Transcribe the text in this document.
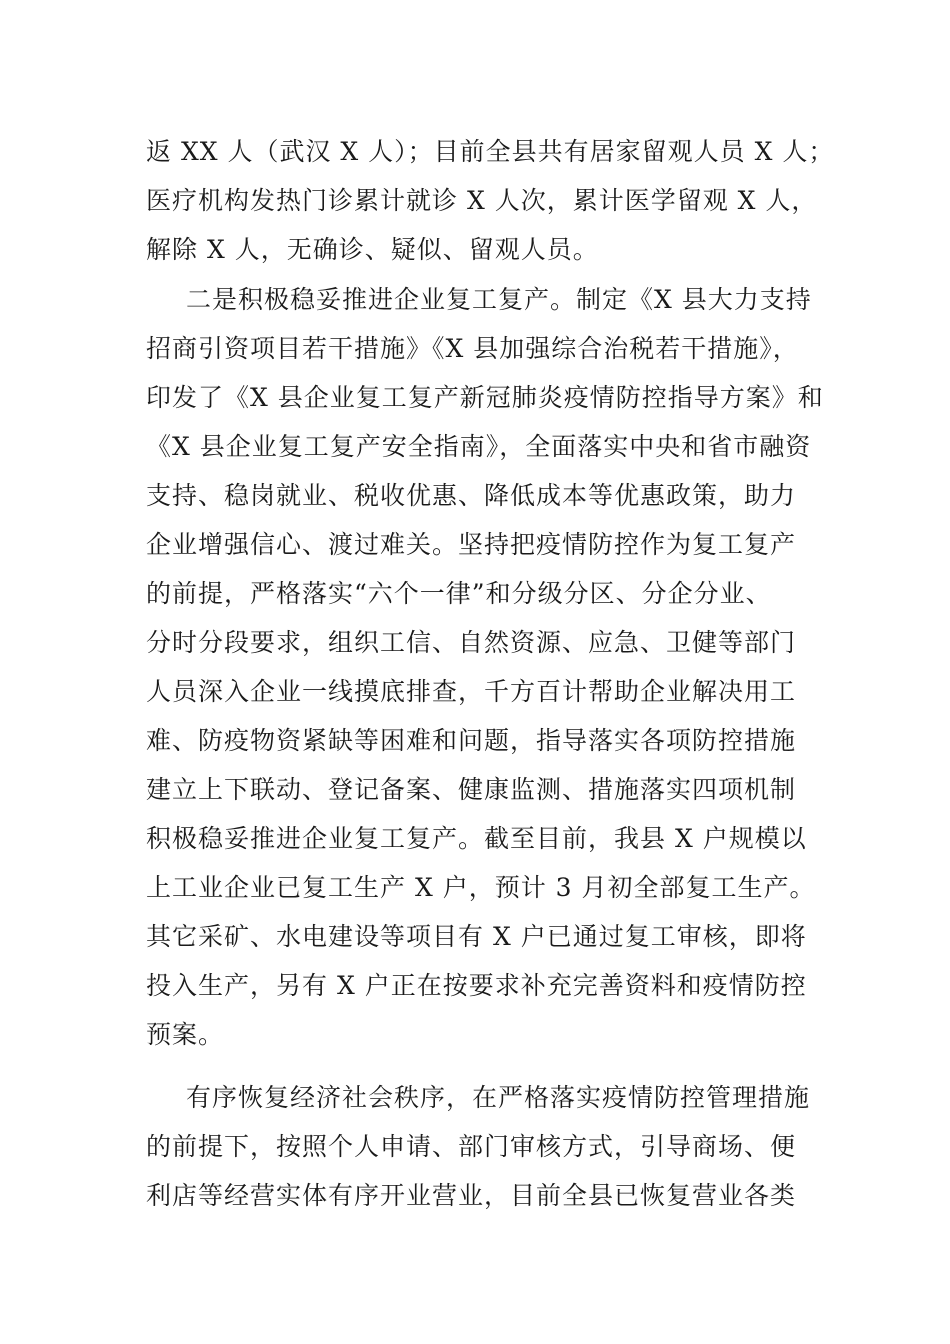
返 XX 人（武汉 X 人）；目前全县共有居家留观人员 X 人；
医疗机构发热门诊累计就诊 X 人次，累计医学留观 X 人，
解除 X 人，无确诊、疑似、留观人员。
二是积极稳妥推进企业复工复产。制定《X 县大力支持
招商引资项目若干措施》《X 县加强综合治税若干措施》，
印发了《X 县企业复工复产新冠肺炎疫情防控指导方案》和
《X 县企业复工复产安全指南》，全面落实中央和省市融资
支持、稳岗就业、税收优惠、降低成本等优惠政策，助力
企业增强信心、渡过难关。坚持把疫情防控作为复工复产
的前提，严格落实“六个一律”和分级分区、分企分业、
分时分段要求，组织工信、自然资源、应急、卫健等部门
人员深入企业一线摸底排查，千方百计帮助企业解决用工
难、防疫物资紧缺等困难和问题，指导落实各项防控措施
建立上下联动、登记备案、健康监测、措施落实四项机制
积极稳妥推进企业复工复产。截至目前，我县 X 户规模以
上工业企业已复工生产 X 户，预计 3 月初全部复工生产。
其它采矿、水电建设等项目有 X 户已通过复工审核，即将
投入生产，另有 X 户正在按要求补充完善资料和疫情防控
预案。
有序恢复经济社会秩序，在严格落实疫情防控管理措施
的前提下，按照个人申请、部门审核方式，引导商场、便
利店等经营实体有序开业营业，目前全县已恢复营业各类
